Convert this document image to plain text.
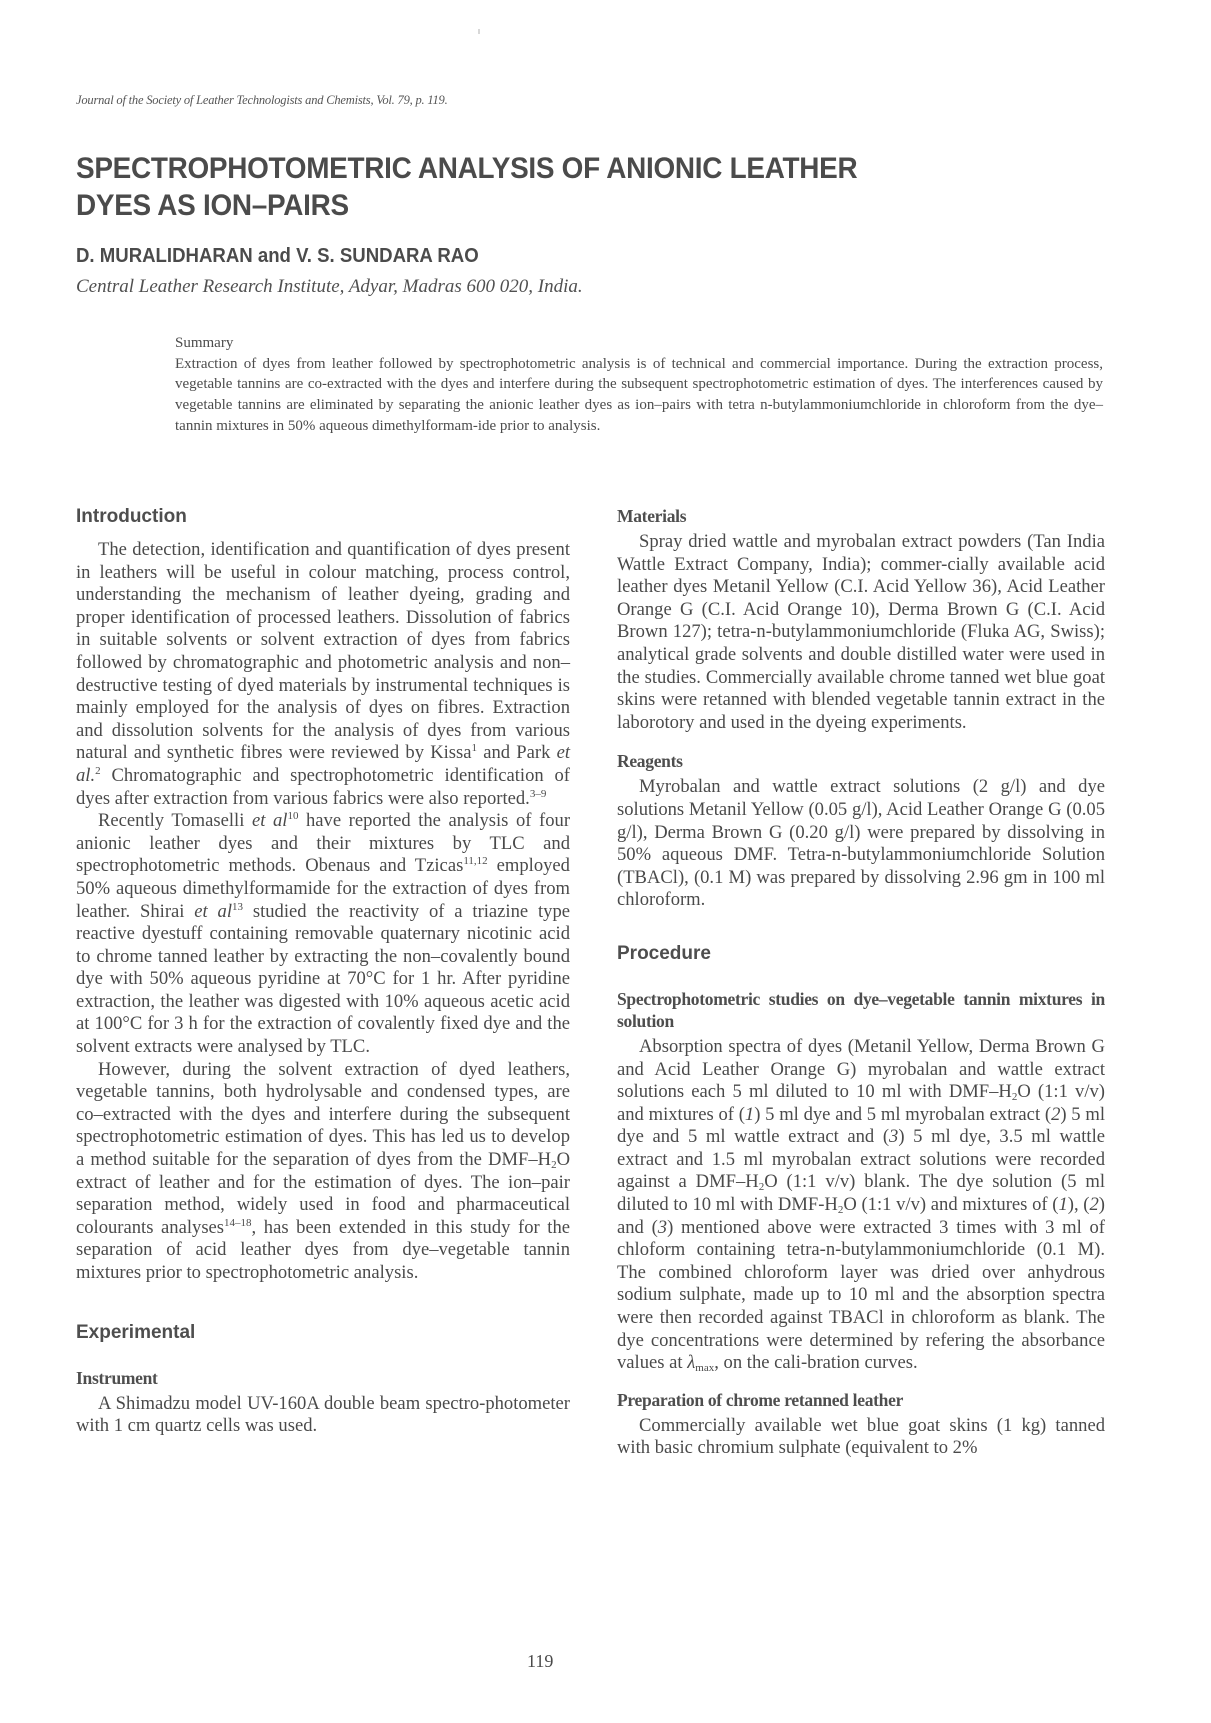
Journal of the Society of Leather Technologists and Chemists, Vol. 79, p. 119.
SPECTROPHOTOMETRIC ANALYSIS OF ANIONIC LEATHER
DYES AS ION–PAIRS
D. MURALIDHARAN and V. S. SUNDARA RAO
Central Leather Research Institute, Adyar, Madras 600 020, India.
Summary

Extraction of dyes from leather followed by spectrophotometric analysis is of technical and commercial importance. During the extraction process, vegetable tannins are co-extracted with the dyes and interfere during the subsequent spectrophotometric estimation of dyes. The interferences caused by vegetable tannins are eliminated by separating the anionic leather dyes as ion–pairs with tetra n-butylammoniumchloride in chloroform from the dye–tannin mixtures in 50% aqueous dimethylformam-ide prior to analysis.

Introduction

The detection, identification and quantification of dyes present in leathers will be useful in colour matching, process control, understanding the mechanism of leather dyeing, grading and proper identification of processed leathers. Dissolution of fabrics in suitable solvents or solvent extraction of dyes from fabrics followed by chromatographic and photometric analysis and non–destructive testing of dyed materials by instrumental techniques is mainly employed for the analysis of dyes on fibres. Extraction and dissolution solvents for the analysis of dyes from various natural and synthetic fibres were reviewed by Kissa$^1$ and Park et al.$^2$ Chromatographic and spectrophotometric identification of dyes after extraction from various fabrics were also reported.$^{3-9}$

Recently Tomaselli et $al^{10}$ have reported the analysis of four anionic leather dyes and their mixtures by TLC and spectrophotometric methods. Obenaus and Tzicas$^{11,12}$ employed 50% aqueous dimethylformamide for the extraction of dyes from leather. Shirai et $al^{13}$ studied the reactivity of a triazine type reactive dyestuff containing removable quaternary nicotinic acid to chrome tanned leather by extracting the non–covalently bound dye with 50% aqueous pyridine at 70°C for 1 hr. After pyridine extraction, the leather was digested with 10% aqueous acetic acid at 100°C for 3 h for the extraction of covalently fixed dye and the solvent extracts were analysed by TLC.

However, during the solvent extraction of dyed leathers, vegetable tannins, both hydrolysable and condensed types, are co–extracted with the dyes and interfere during the subsequent spectrophotometric estimation of dyes. This has led us to develop a method suitable for the separation of dyes from the DMF–$H_2O$ extract of leather and for the estimation of dyes. The ion–pair separation method, widely used in food and pharmaceutical colourants analyses$^{14-18}$, has been extended in this study for the separation of acid leather dyes from dye–vegetable tannin mixtures prior to spectrophotometric analysis.

Experimental
Instrument

A Shimadzu model UV-160A double beam spectro-photometer with 1 cm quartz cells was used.

Materials

Spray dried wattle and myrobalan extract powders (Tan India Wattle Extract Company, India); commer-cially available acid leather dyes Metanil Yellow (C.I. Acid Yellow 36), Acid Leather Orange G (C.I. Acid Orange 10), Derma Brown G (C.I. Acid Brown 127); tetra-n-butylammoniumchloride (Fluka AG, Swiss); analytical grade solvents and double distilled water were used in the studies. Commercially available chrome tanned wet blue goat skins were retanned with blended vegetable tannin extract in the laborotory and used in the dyeing experiments.

Reagents

Myrobalan and wattle extract solutions (2 g/l) and dye solutions Metanil Yellow (0.05 g/l), Acid Leather Orange G (0.05 g/l), Derma Brown G (0.20 g/l) were prepared by dissolving in 50% aqueous DMF. Tetra-n-butylammoniumchloride Solution (TBACl), (0.1 M) was prepared by dissolving 2.96 gm in 100 ml chloroform.

Procedure
Spectrophotometric studies on dye–vegetable tannin mixtures in solution

Absorption spectra of dyes (Metanil Yellow, Derma Brown G and Acid Leather Orange G) myrobalan and wattle extract solutions each 5 ml diluted to 10 ml with DMF–$H_2O$ (1:1 v/v) and mixtures of (1) 5 ml dye and 5 ml myrobalan extract (2) 5 ml dye and 5 ml wattle extract and (3) 5 ml dye, 3.5 ml wattle extract and 1.5 ml myrobalan extract solutions were recorded against a DMF–$H_2O$ (1:1 v/v) blank. The dye solution (5 ml diluted to 10 ml with DMF-$H_2O$ (1:1 v/v) and mixtures of (1), (2) and (3) mentioned above were extracted 3 times with 3 ml of chloform containing tetra-n-butylammoniumchloride (0.1 M). The combined chloroform layer was dried over anhydrous sodium sulphate, made up to 10 ml and the absorption spectra were then recorded against TBACl in chloroform as blank. The dye concentrations were determined by refering the absorbance values at $\lambda_{max}$, on the cali-bration curves.

Preparation of chrome retanned leather

Commercially available wet blue goat skins (1 kg) tanned with basic chromium sulphate (equivalent to 2%

119
